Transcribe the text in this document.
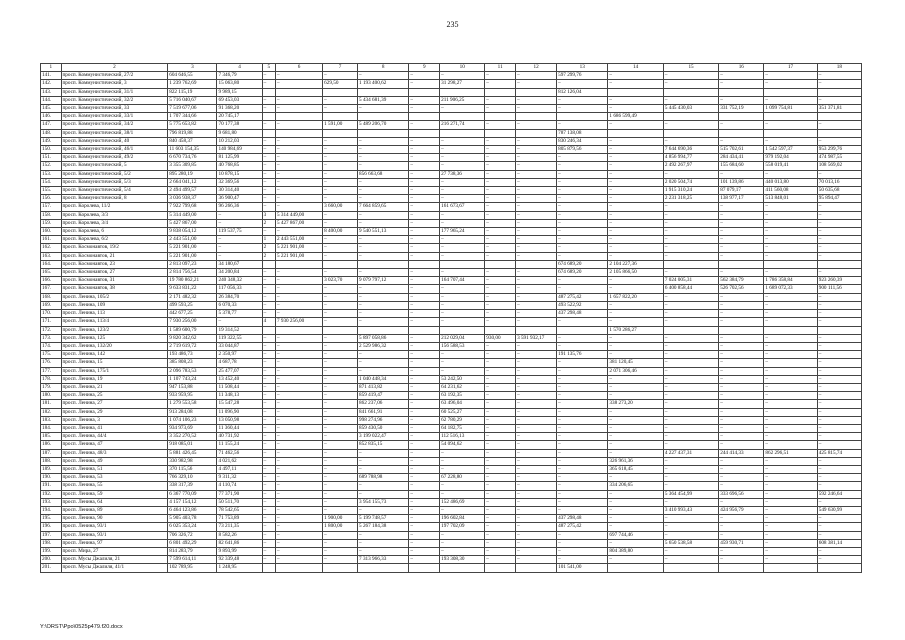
235
1	2	3	4	5	6	7	8	9	10	11	12	13	14	15	16	17	18
141.	просп. Коммунистический, 27/2	604 646,55	7 346,79	–	–	–	–	–	–	–	–	597 299,76	–	–	–	–	–
142.	просп. Коммунистический, 3	1 239 762,69	15 063,80	–	–	629,50	1 193 400,62	–	31 298,27	–	–	–	–	–	–	–	–
143.	просп. Коммунистический, 31/1	822 115,19	9 989,15									812 126,04					
144.	просп. Коммунистический, 32/2	5 716 040,67	69 453,03	–	–	–	5 434 681,39	–	211 906,25	–	–	–	–	–	–	–	–
145.	просп. Коммунистический, 33	7 519 677,06	91 368,20	–	–	–	–	–	–	–	–	–	–	5 445 430,03	331 752,19	1 099 754,81	351 371,81
146.	просп. Коммунистический, 33/1	1 707 344,66	20 745,17										1 686 599,49				
147.	просп. Коммунистический, 34/2	5 775 653,82	70 177,38	–	–	1 591,00	5 489 206,70	–	216 271,74	–	–	–	–	–	–	–	–
148.	просп. Коммунистический, 38/1	796 819,88	9 681,80									787 138,08					
149.	просп. Коммунистический, 40	840 458,37	10 212,03	–	–	–	–	–	–	–	–	830 246,34	–	–	–	–	–
150.	просп. Коммунистический, 46/1	11 603 154,35	140 984,69	–	–	–	–	–	–	–	–	805 879,56	–	7 644 690,36	515 702,61	1 542 597,37	953 299,76
151.	просп. Коммунистический, 49/2	6 670 734,76	81 125,99	–	–	–	–	–	–	–	–	–	–	4 856 994,77	284 434,41	979 192,04	474 987,55
152.	просп. Коммунистический, 5	3 355 309,85	40 768,85	–	–	–	–	–	–	–	–	–	–	2 492 267,97	155 684,60	558 019,41	108 569,02
153.	просп. Коммунистический, 5/2	895 280,19	10 878,15	–	–	–	856 663,68	–	27 738,36	–	–	–	–	–	–	–	–
154.	просп. Коммунистический, 5/3	2 664 041,12	32 369,56	–	–	–	–	–	–	–	–	–	–	2 020 504,74	101 139,86	440 013,80	70 013,16
155.	просп. Коммунистический, 5/4	2 494 499,57	30 314,40	–	–	–	–	–	–	–	–	–	–	1 915 310,24	87 079,17	411 560,08	50 635,68
156.	просп. Коммунистический, 8	3 036 938,37	36 900,47	–	–	–	–	–	–	–	–	–	–	2 231 318,25	138 977,17	513 848,01	95 894,47
157.	просп. Королева, 11/2	7 922 799,68	96 266,36	–	–	3 660,00	7 664 859,65	–	161 673,67	–	–	–	–	–	–	–	–
158.	просп. Королева, 3/3	5 314 449,00	–	3	5 314 449,00	–	–	–	–	–	–	–	–	–	–	–	–
159.	просп. Королева, 3/4	5 427 867,00	–	2	5 427 867,00	–	–	–	–	–	–	–	–	–	–	–	–
160.	просп. Королева, 6	9 838 054,12	119 537,75	–	–	8 400,00	9 540 551,13	–	177 965,24	–	–	–	–	–	–	–	–
161.	просп. Королева, 6/2	2 443 551,00	–	1	2 443 551,00	–	–	–	–	–	–	–	–	–	–	–	–
162.	просп. Космонавтов, 19/2	5 221 901,00	–	2	5 221 901,00	–	–	–	–	–	–	–	–	–	–	–	–
163.	просп. Космонавтов, 21	5 221 901,00	–	2	5 221 901,00	–	–	–	–	–	–	–	–	–	–	–	–
164.	просп. Космонавтов, 23	2 813 097,23	34 180,67									674 689,20	2 104 227,36				
165.	просп. Космонавтов, 27	2 814 756,54	34 200,84	–	–	–	–	–	–	–	–	674 689,20	2 105 866,50	–	–	–	–
166.	просп. Космонавтов, 31	19 780 862,21	240 348,32	–	–	3 023,70	9 079 797,12	–	164 707,44	–	–	–	–	7 024 005,31	562 384,79	1 786 358,84	923 260,39
167.	просп. Космонавтов, 38	9 633 831,22	117 056,33	–	–	–	–	–	–	–	–	–	–	6 400 858,44	526 702,56	1 689 072,33	900 111,56
168.	просп. Ленина, 105/2	2 171 482,32	26 384,70	–	–	–	–	–	–	–	–	487 275,42	1 657 822,20	–	–	–	–
169.	просп. Ленина, 109	499 593,25	6 070,33	–	–	–	–	–	–	–	–	493 522,92	–	–	–	–	–
170.	просп. Ленина, 113	442 677,25	5 378,77	–	–	–	–	–	–	–	–	437 298,48	–	–	–	–	–
171.	просп. Ленина, 113/4	7 930 256,00	–	4	7 930 256,00	–	–	–	–	–	–	–	–	–	–	–	–
172.	просп. Ленина, 123/2	1 589 600,79	19 314,52										1 570 286,27				
173.	просп. Ленина, 125	9 820 342,62	119 322,55	–	–	–	5 897 058,86	–	212 029,04	930,00	3 591 932,17	–	–	–	–	–	–
174.	просп. Ленина, 132/20	2 719 619,72	33 044,87	–	–	–	2 529 986,32	–	156 588,53	–	–	–	–	–	–	–	–
175.	просп. Ленина, 142	193 486,73	2 350,97	–	–	–	–	–	–	–	–	191 135,76	–	–	–	–	–
176.	просп. Ленина, 15	385 808,23	4 687,78	–	–	–	–	–	–	–	–	–	381 120,45	–	–	–	–
177.	просп. Ленина, 175/1	2 096 783,53	25 477,07	–	–	–	–	–	–	–	–	–	2 071 306,46	–	–	–	–
178.	просп. Ленина, 19	1 107 743,24	13 452,40	–	–	–	1 040 448,34	–	53 242,50	–	–	–	–	–	–	–	–
179.	просп. Ленина, 21	947 153,88	11 508,44	–	–	–	871 413,82	–	64 231,62	–	–	–	–	–	–	–	–
180.	просп. Ленина, 25	933 959,95	11 348,13	–	–	–	859 419,47	–	63 192,35	–	–	–	–	–	–	–	–
181.	просп. Ленина, 27	1 279 553,58	15 547,28	–	–	–	862 237,06	–	63 496,04	–	–	–	338 273,20	–	–	–	–
182.	просп. Ленина, 29	913 284,08	11 096,90	–	–	–	841 661,91	–	60 525,27	–	–	–	–	–	–	–	–
183.	просп. Ленина, 3	1 074 106,23	13 050,98	–	–	–	998 274,96	–	62 780,29	–	–	–	–	–	–	–	–
184.	просп. Ленина, 41	934 973,69	11 360,44	–	–	–	859 430,50	–	64 182,75	–	–	–	–	–	–	–	–
185.	просп. Ленина, 44/4	3 352 270,52	40 731,92	–	–	–	3 199 022,47	–	112 516,13	–	–	–	–	–	–	–	–
186.	просп. Ленина, 47	918 085,01	11 155,24	–	–	–	852 835,15	–	54 094,62	–	–	–	–	–	–	–	–
187.	просп. Ленина, 48/3	5 881 426,45	71 462,56	–	–	–	–	–	–	–	–	–	–	4 227 437,31	244 414,33	862 296,51	425 815,74
188.	просп. Ленина, 49	330 982,98	4 021,62	–	–	–	–	–	–	–	–	–	326 961,36	–	–	–	–
189.	просп. Ленина, 51	370 115,56	4 497,11	–	–	–	–	–	–	–	–	–	365 618,45	–	–	–	–
190.	просп. Ленина, 53	766 329,10	9 311,32	–	–	–	689 788,98	–	67 228,80	–	–	–	–	–	–	–	–
191.	просп. Ленина, 55	338 317,39	4 110,74	–	–	–	–	–	–	–	–	–	334 206,65	–	–	–	–
192.	просп. Ленина, 59	6 367 770,09	77 371,90	–	–	–	–	–	–	–	–	–	–	5 364 454,99	333 696,56	–	592 246,64
193.	просп. Ленина, 64	4 157 154,12	50 511,70	–	–	–	3 954 155,73	–	152 486,69	–	–	–	–	–	–	–	–
194.	просп. Ленина, 89	6 464 123,86	78 542,65	–	–	–	–	–	–	–	–	–	–	3 410 993,43	424 956,79	–	549 630,99
195.	просп. Ленина, 90	5 905 403,78	71 753,89	–	–	1 900,00	5 199 748,57	–	196 602,84	–	–	437 298,48	–	–	–	–	–
196.	просп. Ленина, 93/1	6 025 353,24	73 211,35	–	–	1 800,00	5 267 184,38	–	197 702,09	–	–	487 275,42	–	–	–	–	–
197.	просп. Ленина, 93/1	706 326,72	8 582,26	–	–	–	–	–	–	–	–	–	697 744,46	–	–	–	–
198.	просп. Ленина, 97	6 801 492,29	82 641,86	–	–	–	–	–	–	–	–	–	–	5 650 538,58	459 930,71	–	608 381,14
199.	просп. Мира, 27	814 283,79	9 893,99	–	–	–	–	–	–	–	–	–	804 389,80	–	–	–	–
200.	просп. Мусы Джалиля, 21	7 599 614,11	92 339,48	–	–	–	7 313 966,33	–	193 308,30	–	–	–	–	–	–	–	–
201.	просп. Мусы Джалиля, 41/1	102 789,95	1 248,95									101 541,00					
Y:\ORST\Ppo\0525p479.f20.docx
